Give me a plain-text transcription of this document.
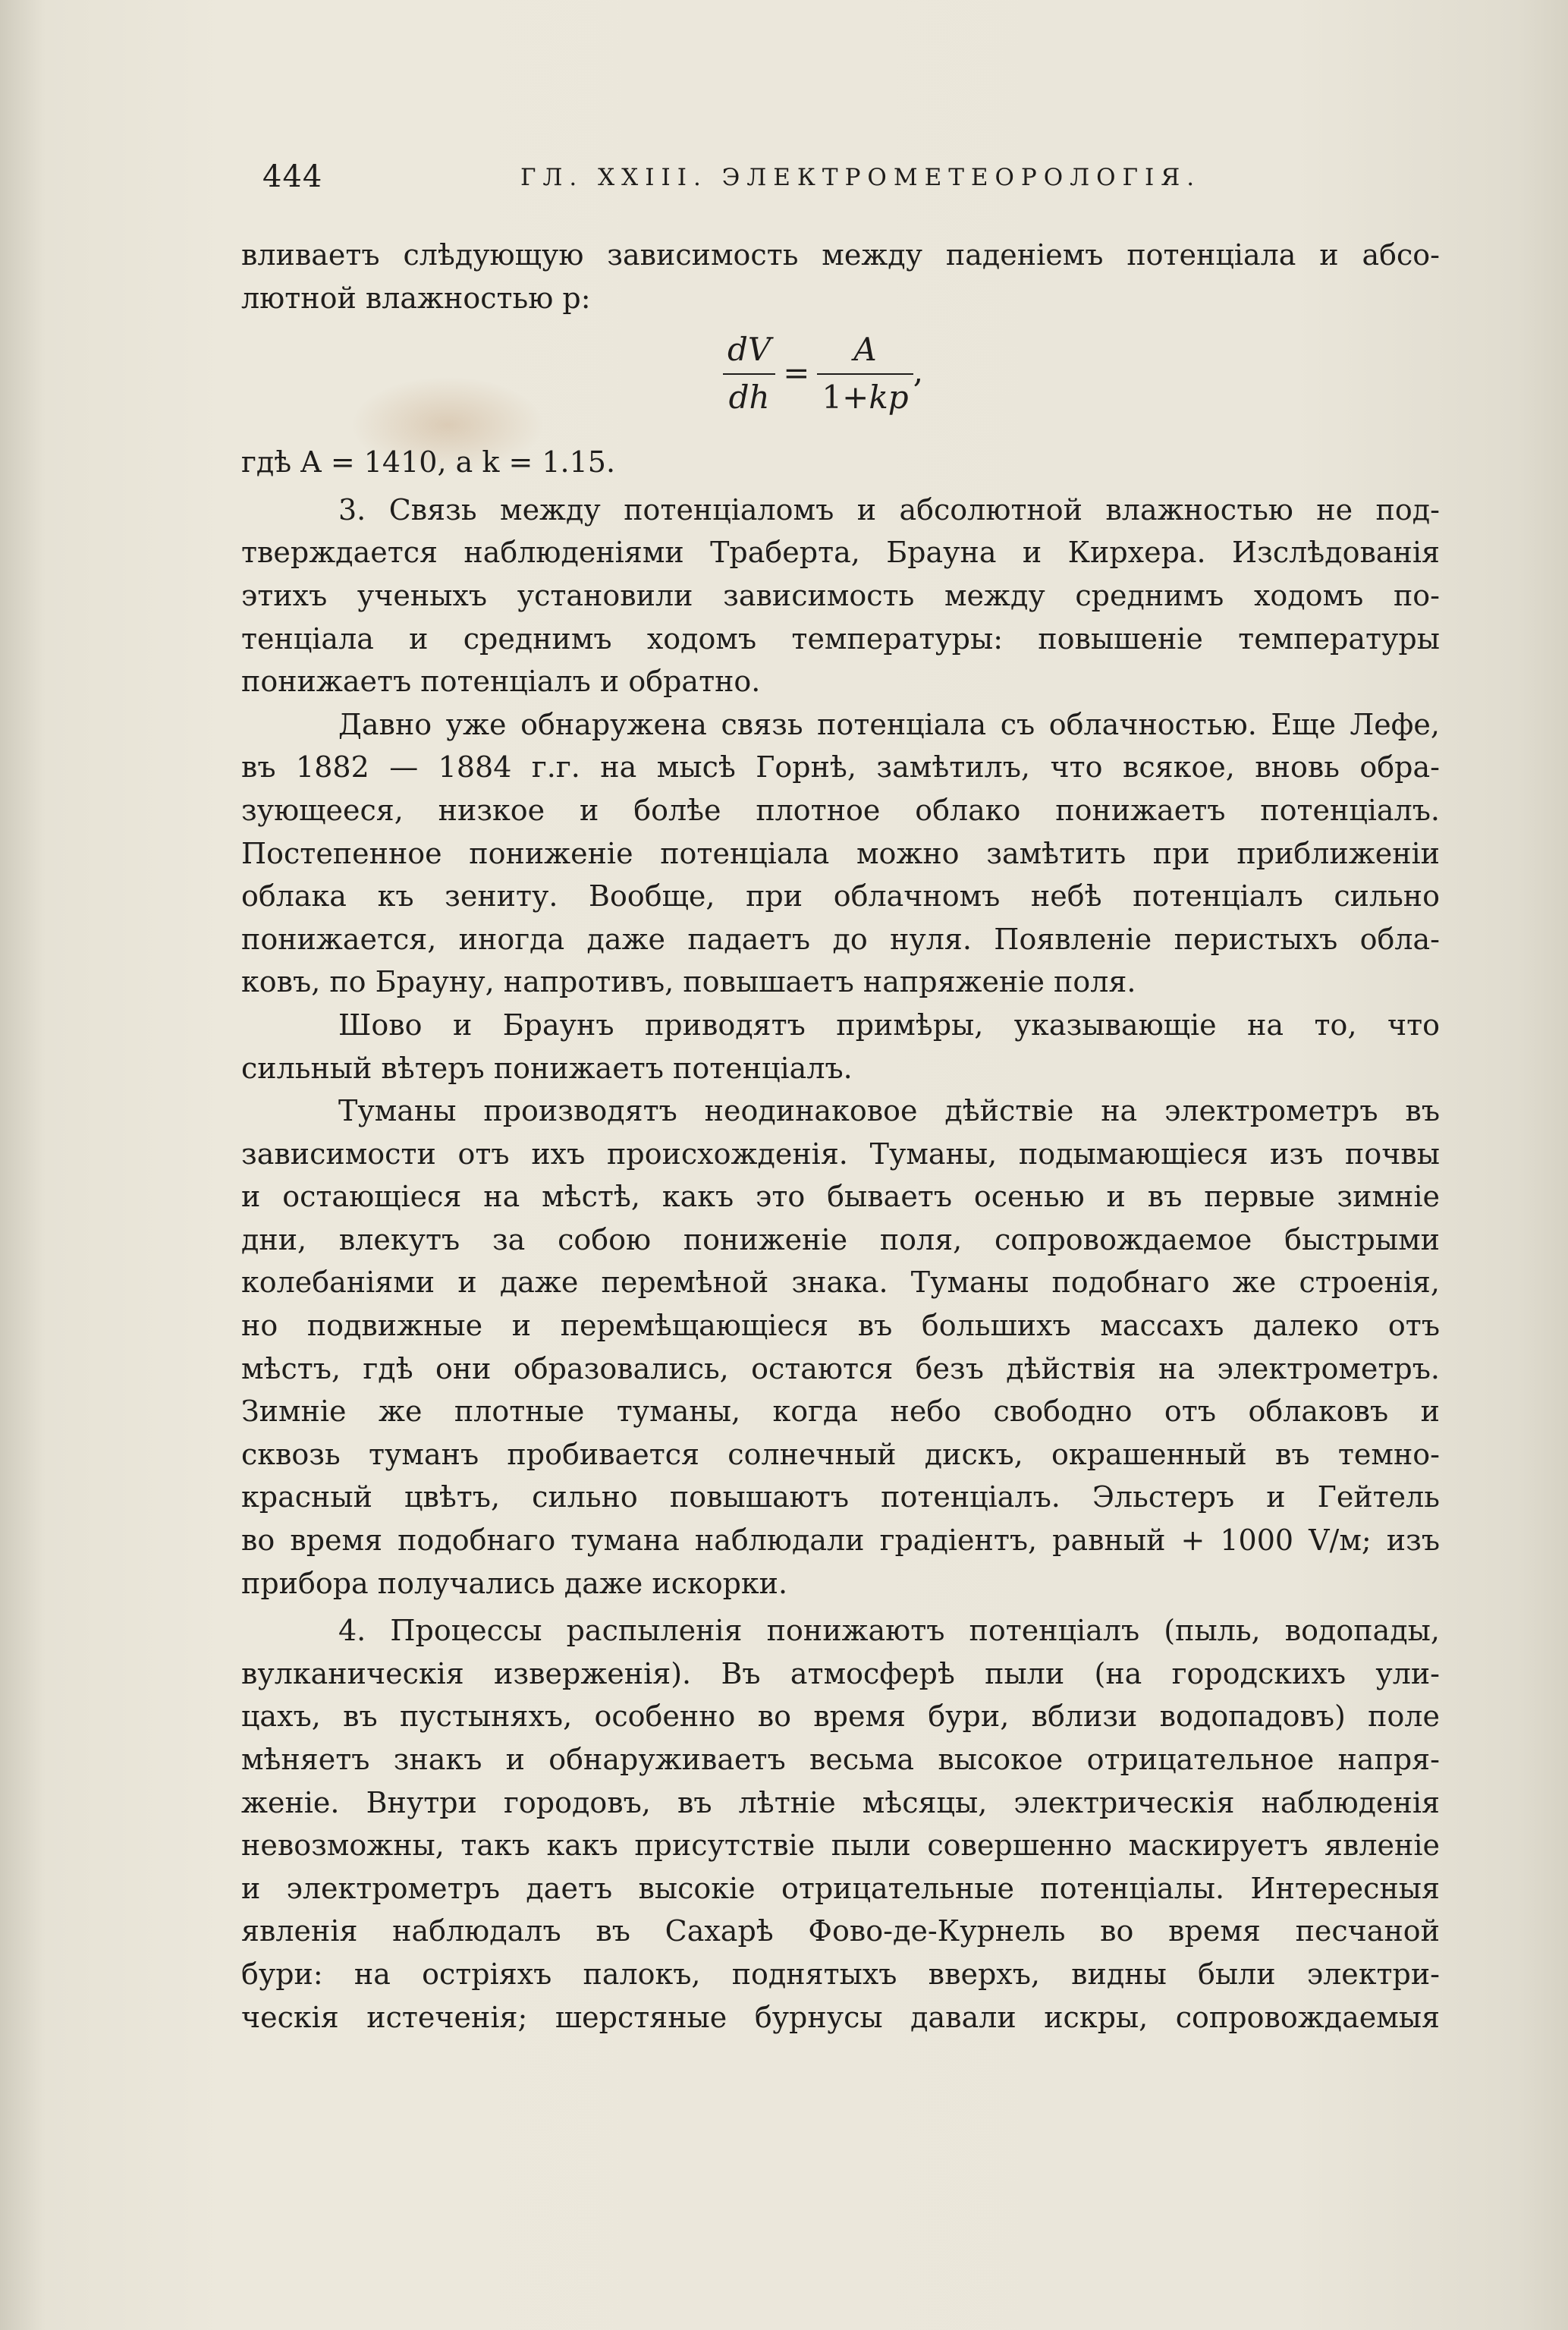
444	ГЛ. XXIII. ЭЛЕКТРОМЕТЕОРОЛОГІЯ.
вливаетъ слѣдующую зависимость между паденіемъ потенціала и абсо-
лютной влажностью p:
$\frac{dV}{dh} = \frac{A}{1+kp}$ ,
гдѣ A = 1410, а k = 1.15.
3. Связь между потенціаломъ и абсолютной влажностью не под-
тверждается наблюденіями Траберта, Брауна и Кирхера. Изслѣдованія
этихъ ученыхъ установили зависимость между среднимъ ходомъ по-
тенціала и среднимъ ходомъ температуры: повышеніе температуры
понижаетъ потенціалъ и обратно.
Давно уже обнаружена связь потенціала съ облачностью. Еще Лефе,
въ 1882 — 1884 г.г. на мысѣ Горнѣ, замѣтилъ, что всякое, вновь обра-
зующееся, низкое и болѣе плотное облако понижаетъ потенціалъ.
Постепенное пониженіе потенціала можно замѣтить при приближеніи
облака къ зениту. Вообще, при облачномъ небѣ потенціалъ сильно
понижается, иногда даже падаетъ до нуля. Появленіе перистыхъ обла-
ковъ, по Брауну, напротивъ, повышаетъ напряженіе поля.
Шово и Браунъ приводятъ примѣры, указывающіе на то, что
сильный вѣтеръ понижаетъ потенціалъ.
Туманы производятъ неодинаковое дѣйствіе на электрометръ въ
зависимости отъ ихъ происхожденія. Туманы, подымающіеся изъ почвы
и остающіеся на мѣстѣ, какъ это бываетъ осенью и въ первые зимніе
дни, влекутъ за собою пониженіе поля, сопровождаемое быстрыми
колебаніями и даже перемѣной знака. Туманы подобнаго же строенія,
но подвижные и перемѣщающіеся въ большихъ массахъ далеко отъ
мѣстъ, гдѣ они образовались, остаются безъ дѣйствія на электрометръ.
Зимніе же плотные туманы, когда небо свободно отъ облаковъ и
сквозь туманъ пробивается солнечный дискъ, окрашенный въ темно-
красный цвѣтъ, сильно повышаютъ потенціалъ. Эльстеръ и Гейтель
во время подобнаго тумана наблюдали градіентъ, равный + 1000 V/м; изъ
прибора получались даже искорки.
4. Процессы распыленія понижаютъ потенціалъ (пыль, водопады,
вулканическія изверженія). Въ атмосферѣ пыли (на городскихъ ули-
цахъ, въ пустыняхъ, особенно во время бури, вблизи водопадовъ) поле
мѣняетъ знакъ и обнаруживаетъ весьма высокое отрицательное напря-
женіе. Внутри городовъ, въ лѣтніе мѣсяцы, электрическія наблюденія
невозможны, такъ какъ присутствіе пыли совершенно маскируетъ явленіе
и электрометръ даетъ высокіе отрицательные потенціалы. Интересныя
явленія наблюдалъ въ Сахарѣ Фово-де-Курнель во время песчаной
бури: на остріяхъ палокъ, поднятыхъ вверхъ, видны были электри-
ческія истеченія; шерстяные бурнусы давали искры, сопровождаемыя
